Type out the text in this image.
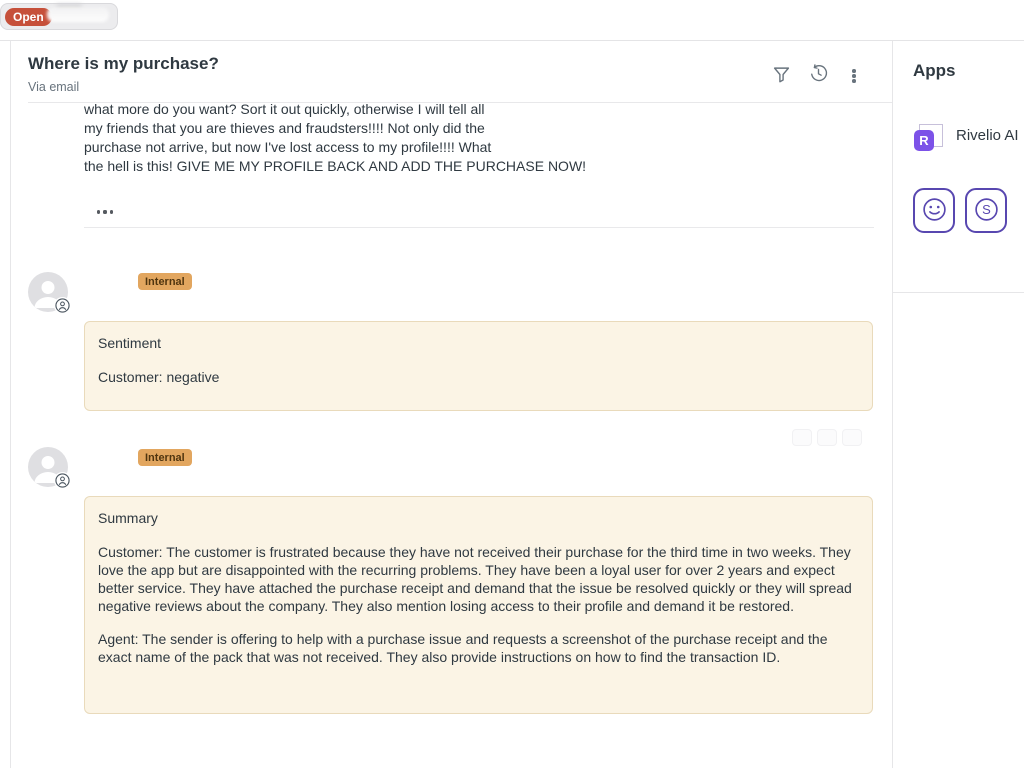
Open
Where is my purchase?
Via email
what more do you want? Sort it out quickly, otherwise I will tell all
my friends that you are thieves and fraudsters!!!! Not only did the
purchase not arrive, but now I've lost access to my profile!!!! What
the hell is this! GIVE ME MY PROFILE BACK AND ADD THE PURCHASE NOW!
Internal
Sentiment
Customer: negative
Internal
Summary

Customer: The customer is frustrated because they have not received their purchase for the third time in two weeks. They love the app but are disappointed with the recurring problems. They have been a loyal user for over 2 years and expect better service. They have attached the purchase receipt and demand that the issue be resolved quickly or they will spread negative reviews about the company. They also mention losing access to their profile and demand it be restored.

Agent: The sender is offering to help with a purchase issue and requests a screenshot of the purchase receipt and the exact name of the pack that was not received. They also provide instructions on how to find the transaction ID.

Apps
R	Rivelio AI
S
